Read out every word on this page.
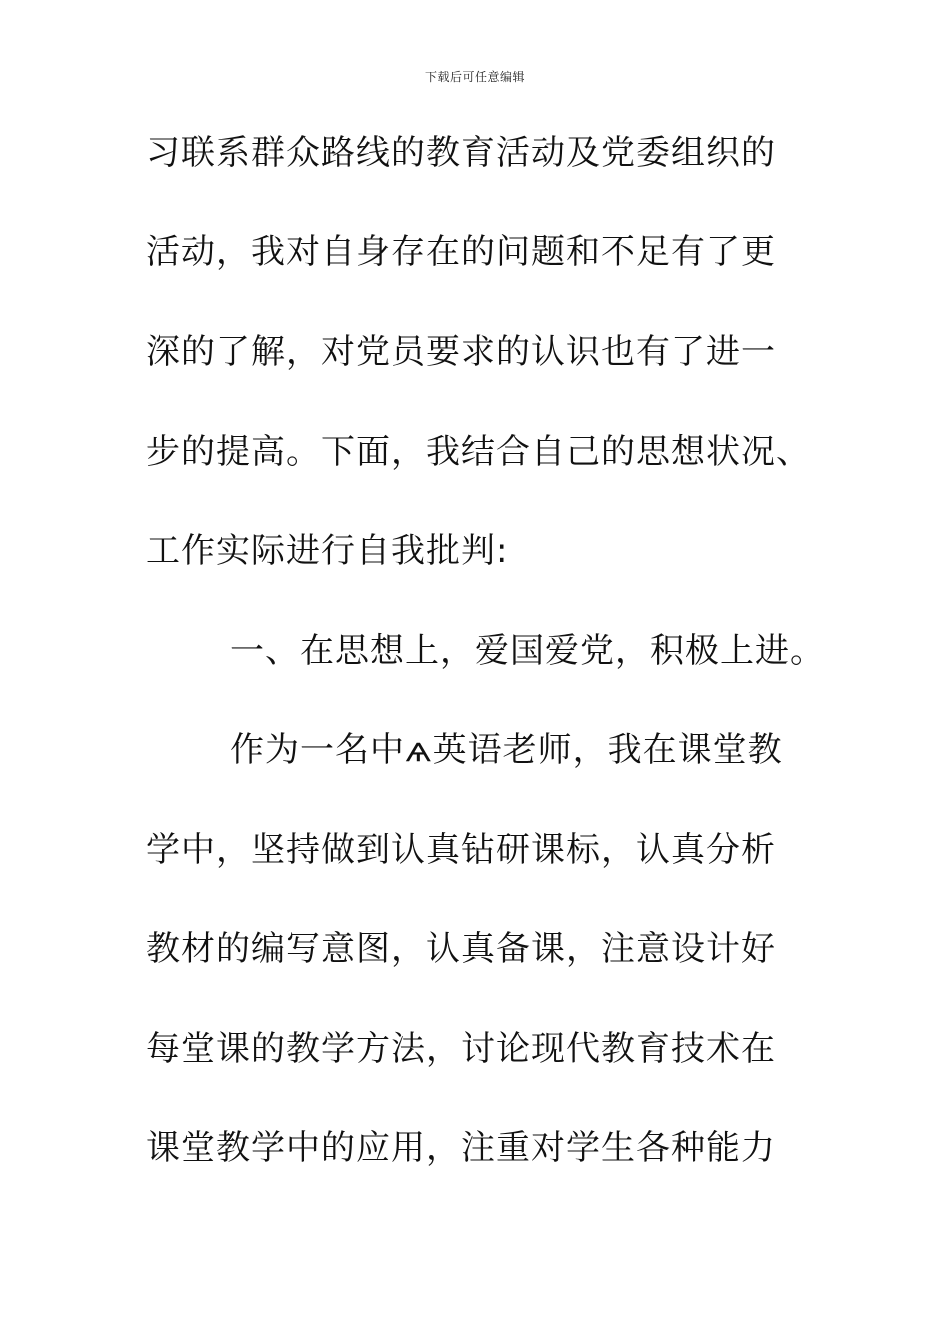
下载后可任意编辑
习联系群众路线的教育活动及党委组织的
活动，我对自身存在的问题和不足有了更
深的了解，对党员要求的认识也有了进一
步的提高。下面，我结合自己的思想状况、
工作实际进行自我批判:
一、在思想上，爱国爱党，积极上进。
作为一名中ѧ英语老师，我在课堂教
学中，坚持做到认真钻研课标，认真分析
教材的编写意图，认真备课，注意设计好
每堂课的教学方法，讨论现代教育技术在
课堂教学中的应用，注重对学生各种能力
